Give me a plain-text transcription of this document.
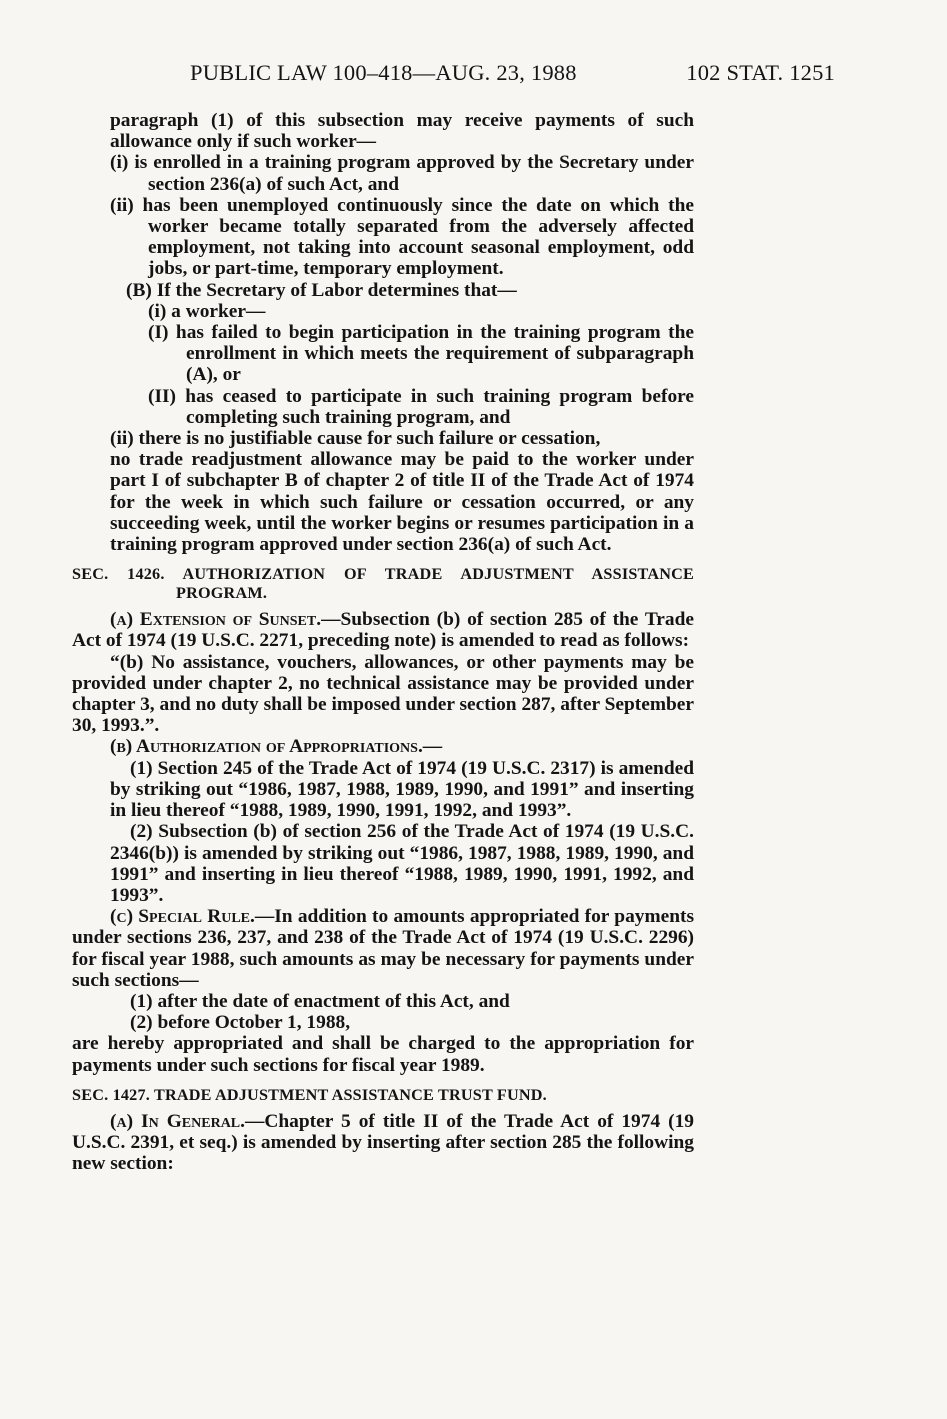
PUBLIC LAW 100–418—AUG. 23, 1988	102 STAT. 1251

paragraph (1) of this subsection may receive payments of such allowance only if such worker—

(i) is enrolled in a training program approved by the Secretary under section 236(a) of such Act, and

(ii) has been unemployed continuously since the date on which the worker became totally separated from the adversely affected employment, not taking into account seasonal employment, odd jobs, or part-time, temporary employment.

(B) If the Secretary of Labor determines that—

(i) a worker—

(I) has failed to begin participation in the training program the enrollment in which meets the requirement of subparagraph (A), or

(II) has ceased to participate in such training program before completing such training program, and

(ii) there is no justifiable cause for such failure or cessation,

no trade readjustment allowance may be paid to the worker under part I of subchapter B of chapter 2 of title II of the Trade Act of 1974 for the week in which such failure or cessation occurred, or any succeeding week, until the worker begins or resumes participation in a training program approved under section 236(a) of such Act.

SEC. 1426. AUTHORIZATION OF TRADE ADJUSTMENT ASSISTANCE PROGRAM.

(a) Extension of Sunset.—Subsection (b) of section 285 of the Trade Act of 1974 (19 U.S.C. 2271, preceding note) is amended to read as follows:

“(b) No assistance, vouchers, allowances, or other payments may be provided under chapter 2, no technical assistance may be provided under chapter 3, and no duty shall be imposed under section 287, after September 30, 1993.”.

(b) Authorization of Appropriations.—

(1) Section 245 of the Trade Act of 1974 (19 U.S.C. 2317) is amended by striking out “1986, 1987, 1988, 1989, 1990, and 1991” and inserting in lieu thereof “1988, 1989, 1990, 1991, 1992, and 1993”.

(2) Subsection (b) of section 256 of the Trade Act of 1974 (19 U.S.C. 2346(b)) is amended by striking out “1986, 1987, 1988, 1989, 1990, and 1991” and inserting in lieu thereof “1988, 1989, 1990, 1991, 1992, and 1993”.

(c) Special Rule.—In addition to amounts appropriated for payments under sections 236, 237, and 238 of the Trade Act of 1974 (19 U.S.C. 2296) for fiscal year 1988, such amounts as may be necessary for payments under such sections—

(1) after the date of enactment of this Act, and

(2) before October 1, 1988,

are hereby appropriated and shall be charged to the appropriation for payments under such sections for fiscal year 1989.

SEC. 1427. TRADE ADJUSTMENT ASSISTANCE TRUST FUND.

(a) In General.—Chapter 5 of title II of the Trade Act of 1974 (19 U.S.C. 2391, et seq.) is amended by inserting after section 285 the following new section:
